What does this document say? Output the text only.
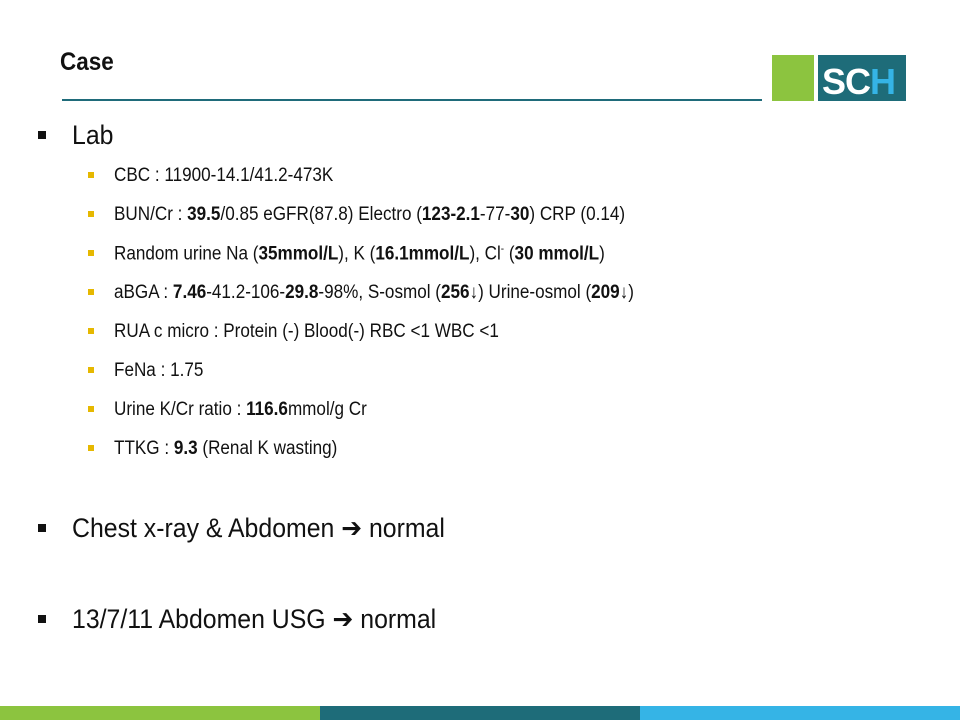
Case	SCH
Lab
CBC : 11900-14.1/41.2-473K
BUN/Cr : 39.5/0.85 eGFR(87.8) Electro (123-2.1-77-30) CRP (0.14)
Random urine Na (35mmol/L), K (16.1mmol/L), Cl- (30 mmol/L)
aBGA : 7.46-41.2-106-29.8-98%, S-osmol (256↓) Urine-osmol (209↓)
RUA c micro : Protein (-) Blood(-) RBC <1 WBC <1
FeNa : 1.75
Urine K/Cr ratio : 116.6mmol/g Cr
TTKG : 9.3 (Renal K wasting)
Chest x-ray & Abdomen ➔ normal
13/7/11 Abdomen USG ➔ normal
